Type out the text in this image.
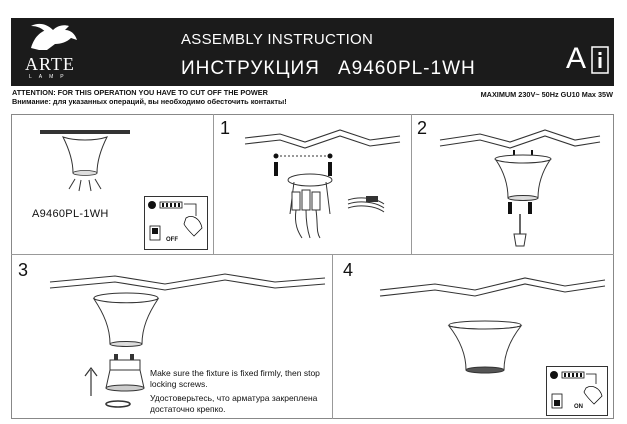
ARTE
LAMP
ASSEMBLY INSTRUCTION
ИНСТРУКЦИЯ A9460PL-1WH	A
ATTENTION: FOR THIS OPERATION YOU HAVE TO CUT OFF THE POWER
Внимание: для указанных операций, вы необходимо обесточить контакты!
MAXIMUM 230V~ 50Hz GU10 Max 35W
1	2
3	4
A9460PL-1WH
OFF
Make sure the fixture is fixed firmly, then stop locking screws.
Удостоверьтесь, что арматура закреплена достаточно крепко.	ON
